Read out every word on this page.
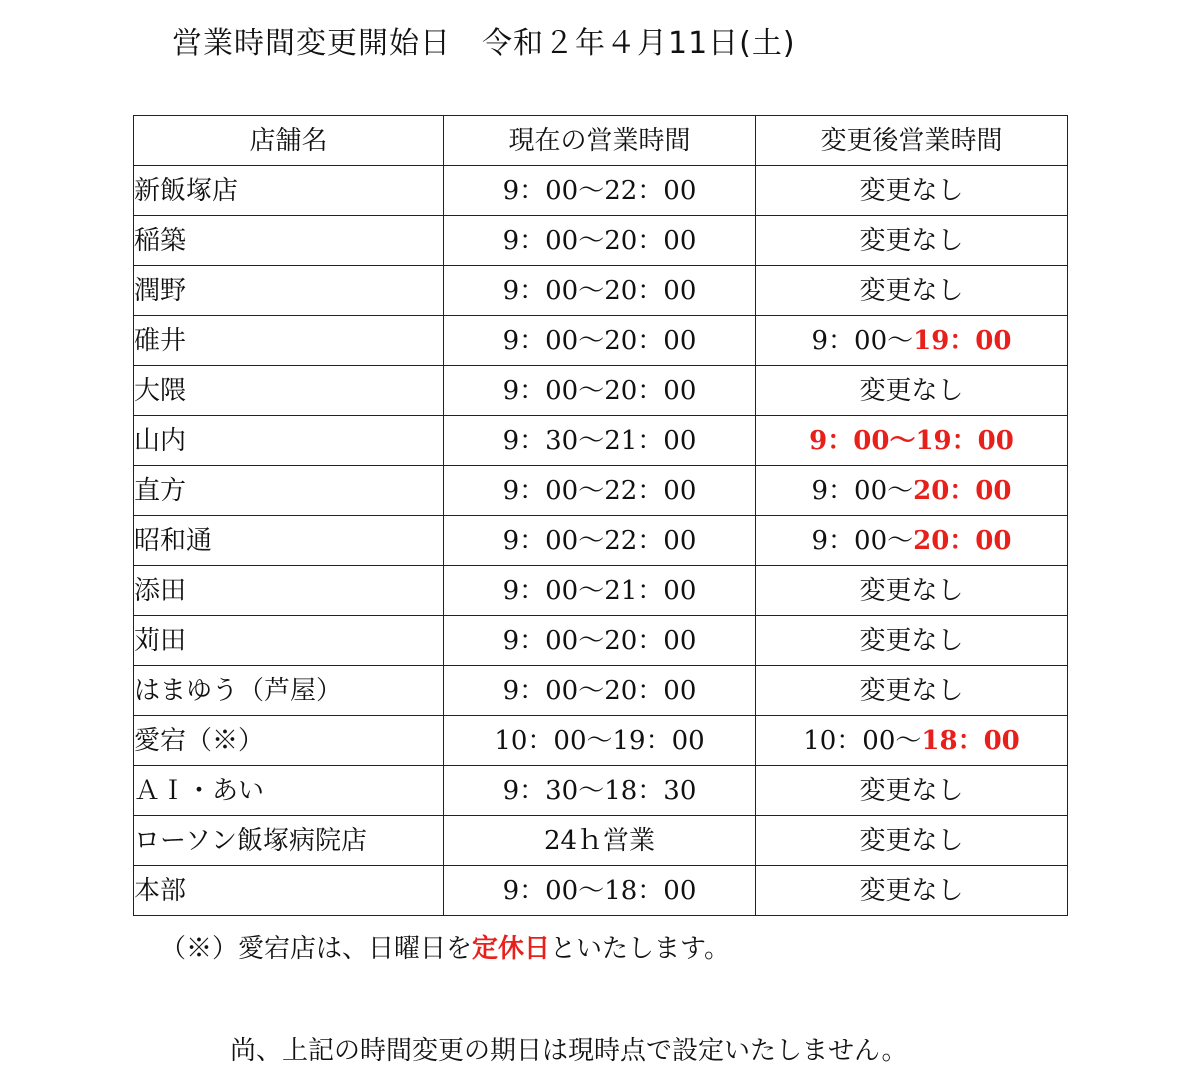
営業時間変更開始日　令和２年４月11日(土)
店舗名	現在の営業時間	変更後営業時間
新飯塚店	9：00～22：00	変更なし
稲築	9：00～20：00	変更なし
潤野	9：00～20：00	変更なし
碓井	9：00～20：00	9：00～19：00
大隈	9：00～20：00	変更なし
山内	9：30～21：00	9：00～19：00
直方	9：00～22：00	9：00～20：00
昭和通	9：00～22：00	9：00～20：00
添田	9：00～21：00	変更なし
苅田	9：00～20：00	変更なし
はまゆう（芦屋）	9：00～20：00	変更なし
愛宕（※）	10：00～19：00	10：00～18：00
ＡＩ・あい	9：30～18：30	変更なし
ローソン飯塚病院店	24ｈ営業	変更なし
本部	9：00～18：00	変更なし
（※）愛宕店は、日曜日を定休日といたします。
尚、上記の時間変更の期日は現時点で設定いたしません。
